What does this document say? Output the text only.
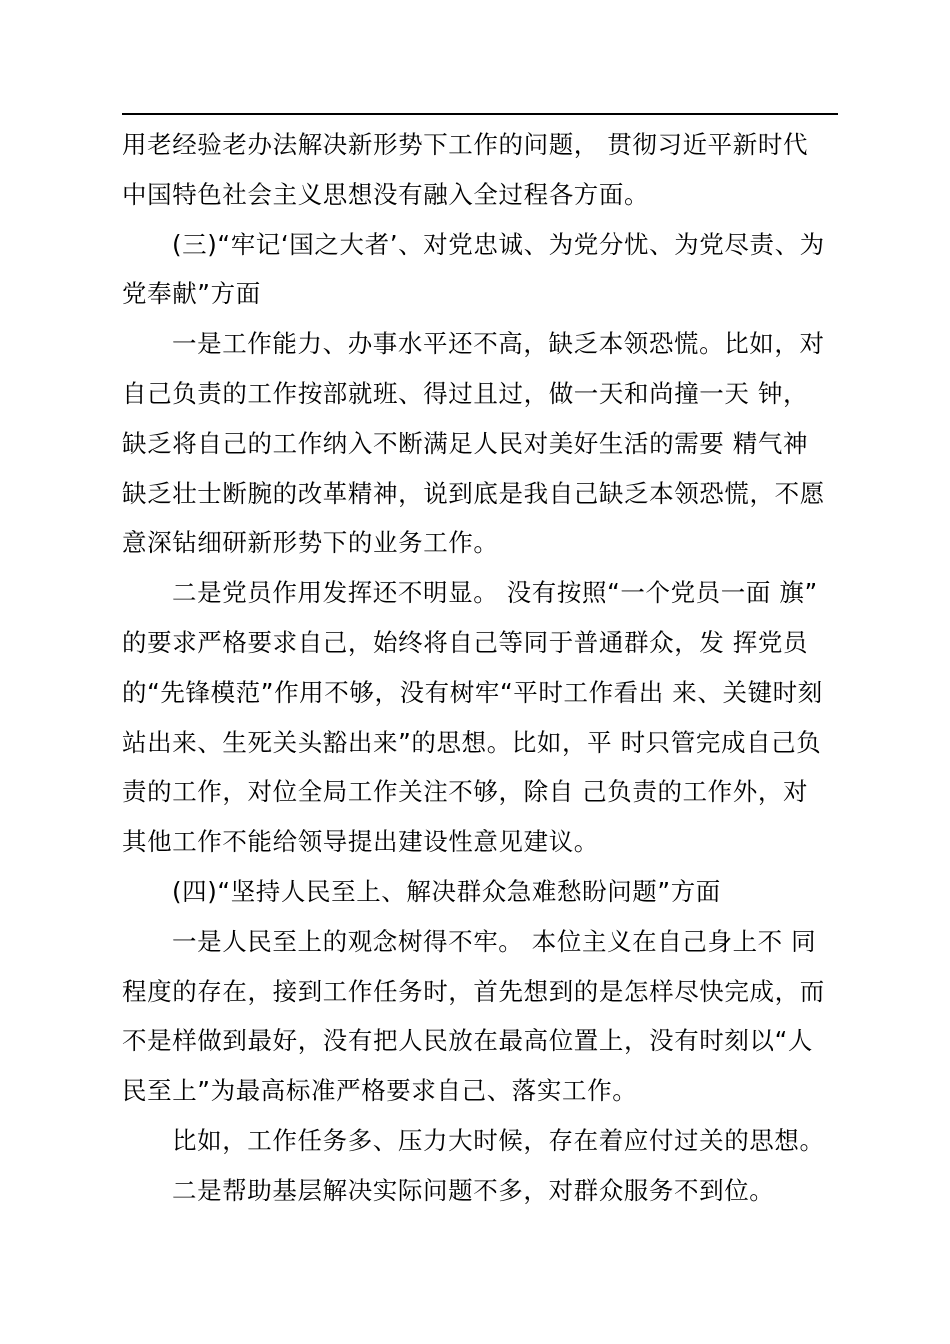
用老经验老办法解决新形势下工作的问题， 贯彻习近平新时代
中国特色社会主义思想没有融入全过程各方面。
(三)“牢记‘国之大者’、对党忠诚、为党分忧、为党尽责、为
党奉献”方面
一是工作能力、办事水平还不高，缺乏本领恐慌。比如，对
自己负责的工作按部就班、得过且过，做一天和尚撞一天 钟，
缺乏将自己的工作纳入不断满足人民对美好生活的需要 精气神
缺乏壮士断腕的改革精神，说到底是我自己缺乏本领恐慌，不愿
意深钻细研新形势下的业务工作。
二是党员作用发挥还不明显。 没有按照“一个党员一面 旗”
的要求严格要求自己，始终将自己等同于普通群众，发 挥党员
的“先锋模范”作用不够，没有树牢“平时工作看出 来、关键时刻
站出来、生死关头豁出来”的思想。比如，平 时只管完成自己负
责的工作，对位全局工作关注不够，除自 己负责的工作外，对
其他工作不能给领导提出建设性意见建议。
(四)“坚持人民至上、解决群众急难愁盼问题”方面
一是人民至上的观念树得不牢。 本位主义在自己身上不 同
程度的存在，接到工作任务时，首先想到的是怎样尽快完成，而
不是样做到最好，没有把人民放在最高位置上，没有时刻以“人
民至上”为最高标准严格要求自己、落实工作。
比如，工作任务多、压力大时候，存在着应付过关的思想。
二是帮助基层解决实际问题不多，对群众服务不到位。
